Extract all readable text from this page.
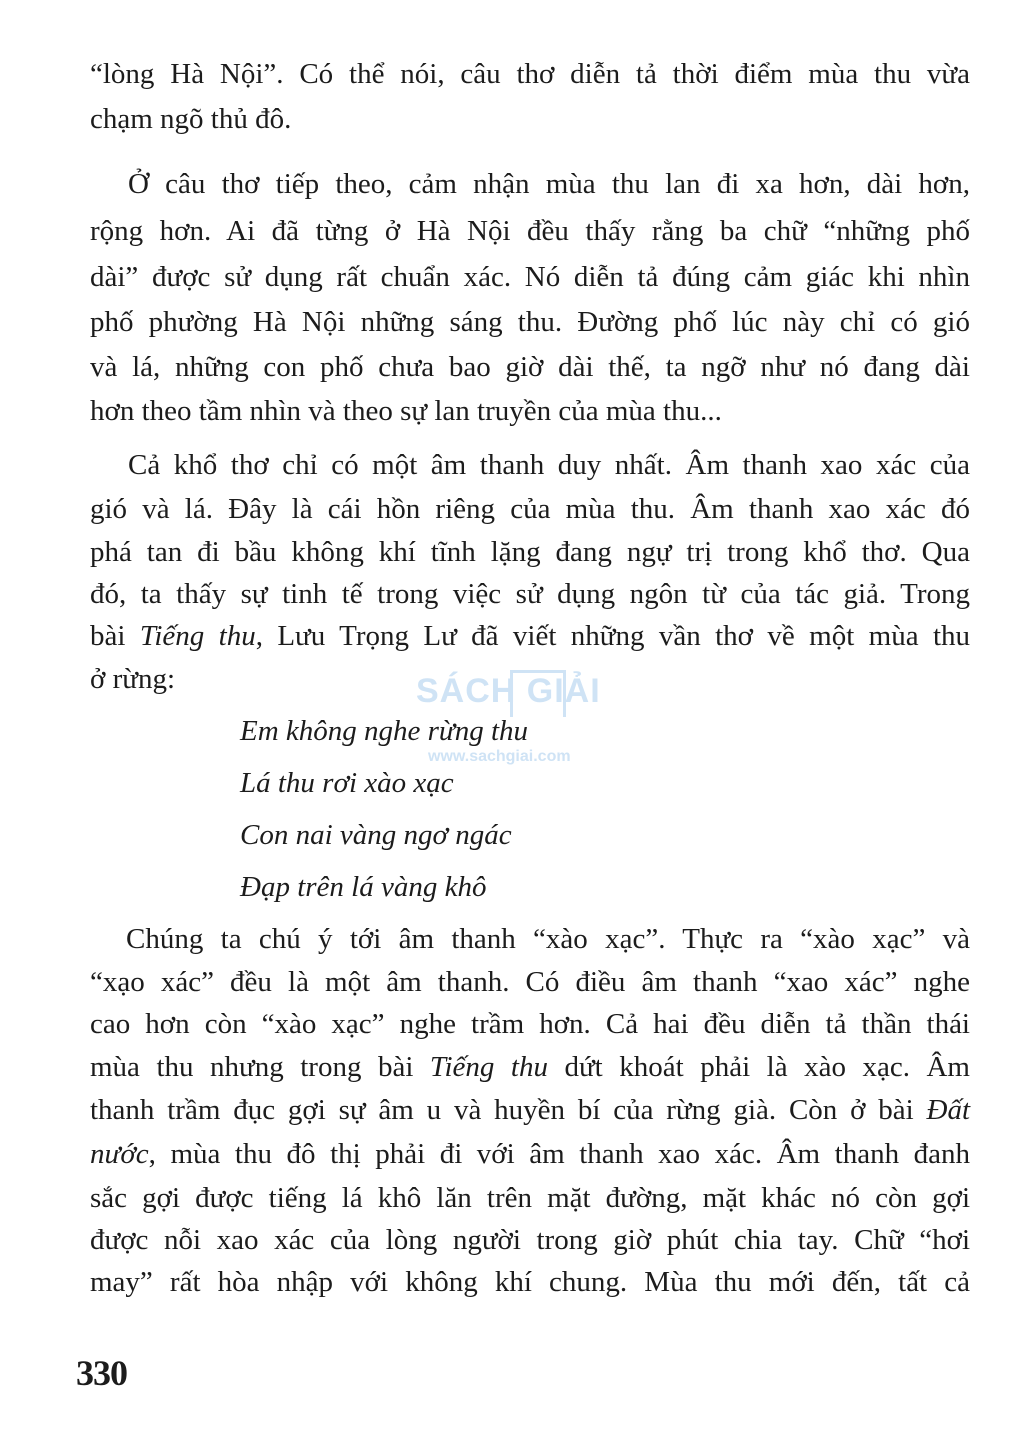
“lòng Hà Nội”. Có thể nói, câu thơ diễn tả thời điểm mùa thu vừa
chạm ngõ thủ đô.
Ở câu thơ tiếp theo, cảm nhận mùa thu lan đi xa hơn, dài hơn,
rộng hơn. Ai đã từng ở Hà Nội đều thấy rằng ba chữ “những phố
dài” được sử dụng rất chuẩn xác. Nó diễn tả đúng cảm giác khi nhìn
phố phường Hà Nội những sáng thu. Đường phố lúc này chỉ có gió
và lá, những con phố chưa bao giờ dài thế, ta ngỡ như nó đang dài
hơn theo tầm nhìn và theo sự lan truyền của mùa thu...
Cả khổ thơ chỉ có một âm thanh duy nhất. Âm thanh xao xác của
gió và lá. Đây là cái hồn riêng của mùa thu. Âm thanh xao xác đó
phá tan đi bầu không khí tĩnh lặng đang ngự trị trong khổ thơ. Qua
đó, ta thấy sự tinh tế trong việc sử dụng ngôn từ của tác giả. Trong
bài Tiếng thu, Lưu Trọng Lư đã viết những vần thơ về một mùa thu
ở rừng:
Em không nghe rừng thu
Lá thu rơi xào xạc
Con nai vàng ngơ ngác
Đạp trên lá vàng khô
Chúng ta chú ý tới âm thanh “xào xạc”. Thực ra “xào xạc” và
“xạo xác” đều là một âm thanh. Có điều âm thanh “xao xác” nghe
cao hơn còn “xào xạc” nghe trầm hơn. Cả hai đều diễn tả thần thái
mùa thu nhưng trong bài Tiếng thu dứt khoát phải là xào xạc. Âm
thanh trầm đục gợi sự âm u và huyền bí của rừng già. Còn ở bài Đất
nước, mùa thu đô thị phải đi với âm thanh xao xác. Âm thanh đanh
sắc gợi được tiếng lá khô lăn trên mặt đường, mặt khác nó còn gợi
được nỗi xao xác của lòng người trong giờ phút chia tay. Chữ “hơi
may” rất hòa nhập với không khí chung. Mùa thu mới đến, tất cả
SÁCH GIẢI
www.sachgiai.com
330
